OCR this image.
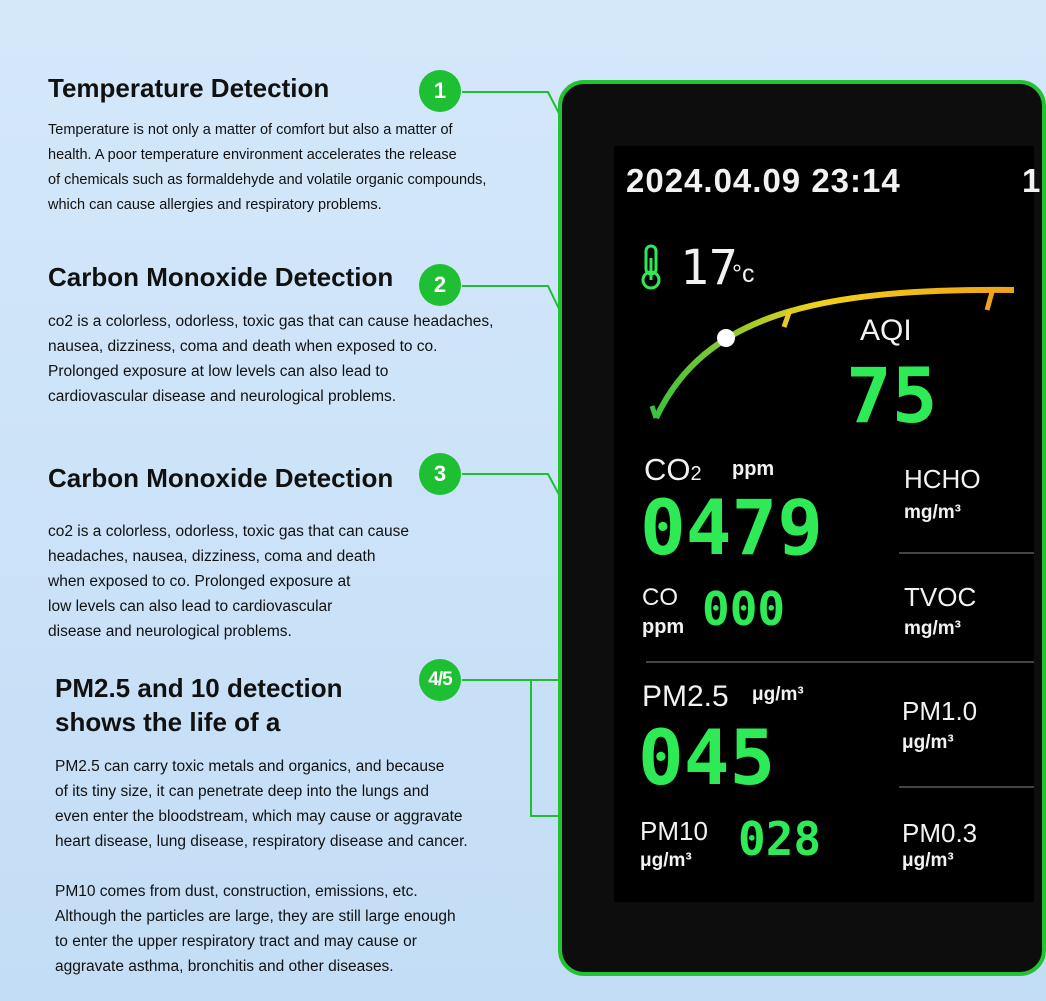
Temperature Detection

Temperature is not only a matter of comfort but also a matter of
health. A poor temperature environment accelerates the release
of chemicals such as formaldehyde and volatile organic compounds,
which can cause allergies and respiratory problems.

Carbon Monoxide Detection

co2 is a colorless, odorless, toxic gas that can cause headaches,
nausea, dizziness, coma and death when exposed to co.
Prolonged exposure at low levels can also lead to
cardiovascular disease and neurological problems.

Carbon Monoxide Detection

co2 is a colorless, odorless, toxic gas that can cause
headaches, nausea, dizziness, coma and death
when exposed to co. Prolonged exposure at
low levels can also lead to cardiovascular
disease and neurological problems.

PM2.5 and 10 detection
shows the life of a

PM2.5 can carry toxic metals and organics, and because
of its tiny size, it can penetrate deep into the lungs and
even enter the bloodstream, which may cause or aggravate
heart disease, lung disease, respiratory disease and cancer.

PM10 comes from dust, construction, emissions, etc.
Although the particles are large, they are still large enough
to enter the upper respiratory tract and may cause or
aggravate asthma, bronchitis and other diseases.

1
2
3
4/5
2024.04.09 23:14	1
17
°c
AQI
75
CO2 ppm
0479
CO
ppm 000
HCHO
mg/m³
TVOC
mg/m³
PM2.5 μg/m³
045
PM10
μg/m³ 028
PM1.0
μg/m³
PM0.3
μg/m³
